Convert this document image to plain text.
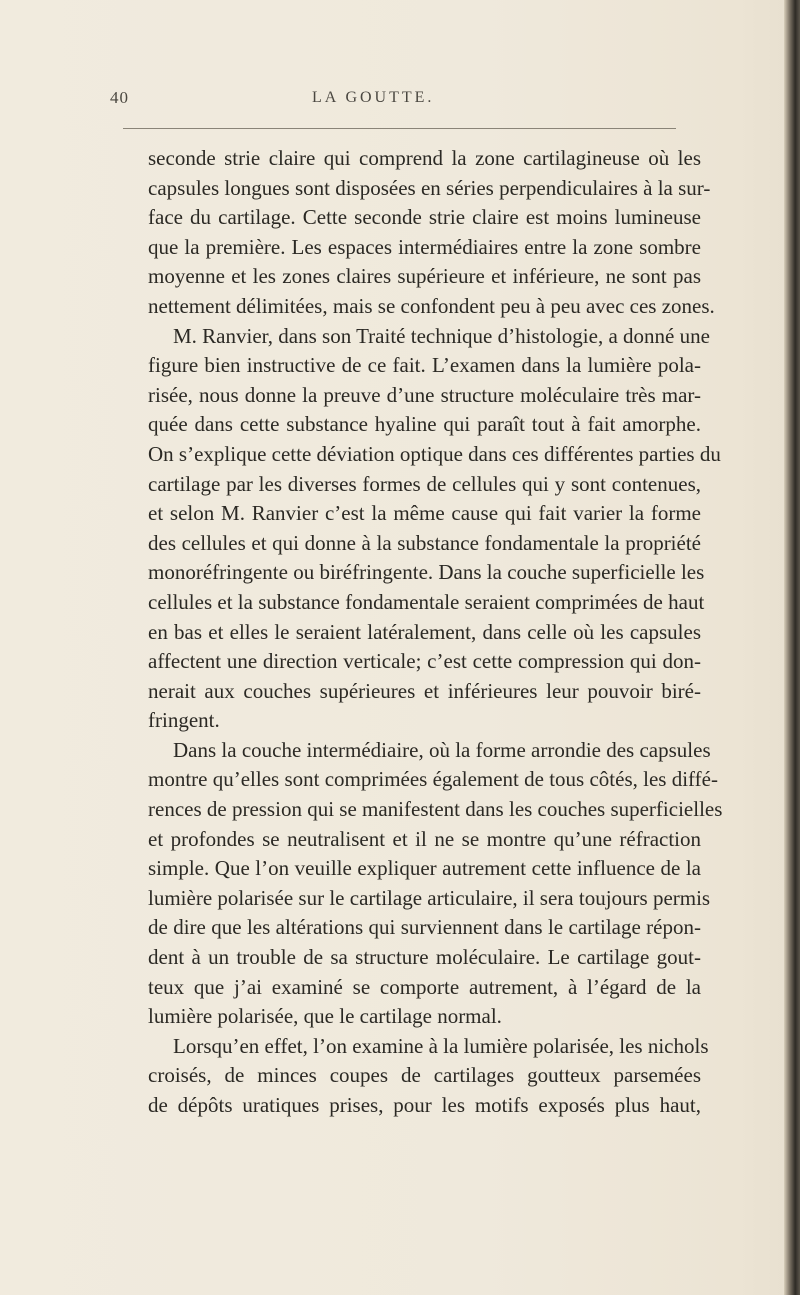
40	LA GOUTTE.
seconde strie claire qui comprend la zone cartilagineuse où les
capsules longues sont disposées en séries perpendiculaires à la sur-
face du cartilage. Cette seconde strie claire est moins lumineuse
que la première. Les espaces intermédiaires entre la zone sombre
moyenne et les zones claires supérieure et inférieure, ne sont pas
nettement délimitées, mais se confondent peu à peu avec ces zones.
M. Ranvier, dans son Traité technique d’histologie, a donné une
figure bien instructive de ce fait. L’examen dans la lumière pola-
risée, nous donne la preuve d’une structure moléculaire très mar-
quée dans cette substance hyaline qui paraît tout à fait amorphe.
On s’explique cette déviation optique dans ces différentes parties du
cartilage par les diverses formes de cellules qui y sont contenues,
et selon M. Ranvier c’est la même cause qui fait varier la forme
des cellules et qui donne à la substance fondamentale la propriété
monoréfringente ou biréfringente. Dans la couche superficielle les
cellules et la substance fondamentale seraient comprimées de haut
en bas et elles le seraient latéralement, dans celle où les capsules
affectent une direction verticale; c’est cette compression qui don-
nerait aux couches supérieures et inférieures leur pouvoir biré-
fringent.
Dans la couche intermédiaire, où la forme arrondie des capsules
montre qu’elles sont comprimées également de tous côtés, les diffé-
rences de pression qui se manifestent dans les couches superficielles
et profondes se neutralisent et il ne se montre qu’une réfraction
simple. Que l’on veuille expliquer autrement cette influence de la
lumière polarisée sur le cartilage articulaire, il sera toujours permis
de dire que les altérations qui surviennent dans le cartilage répon-
dent à un trouble de sa structure moléculaire. Le cartilage gout-
teux que j’ai examiné se comporte autrement, à l’égard de la
lumière polarisée, que le cartilage normal.
Lorsqu’en effet, l’on examine à la lumière polarisée, les nichols
croisés, de minces coupes de cartilages goutteux parsemées
de dépôts uratiques prises, pour les motifs exposés plus haut,
